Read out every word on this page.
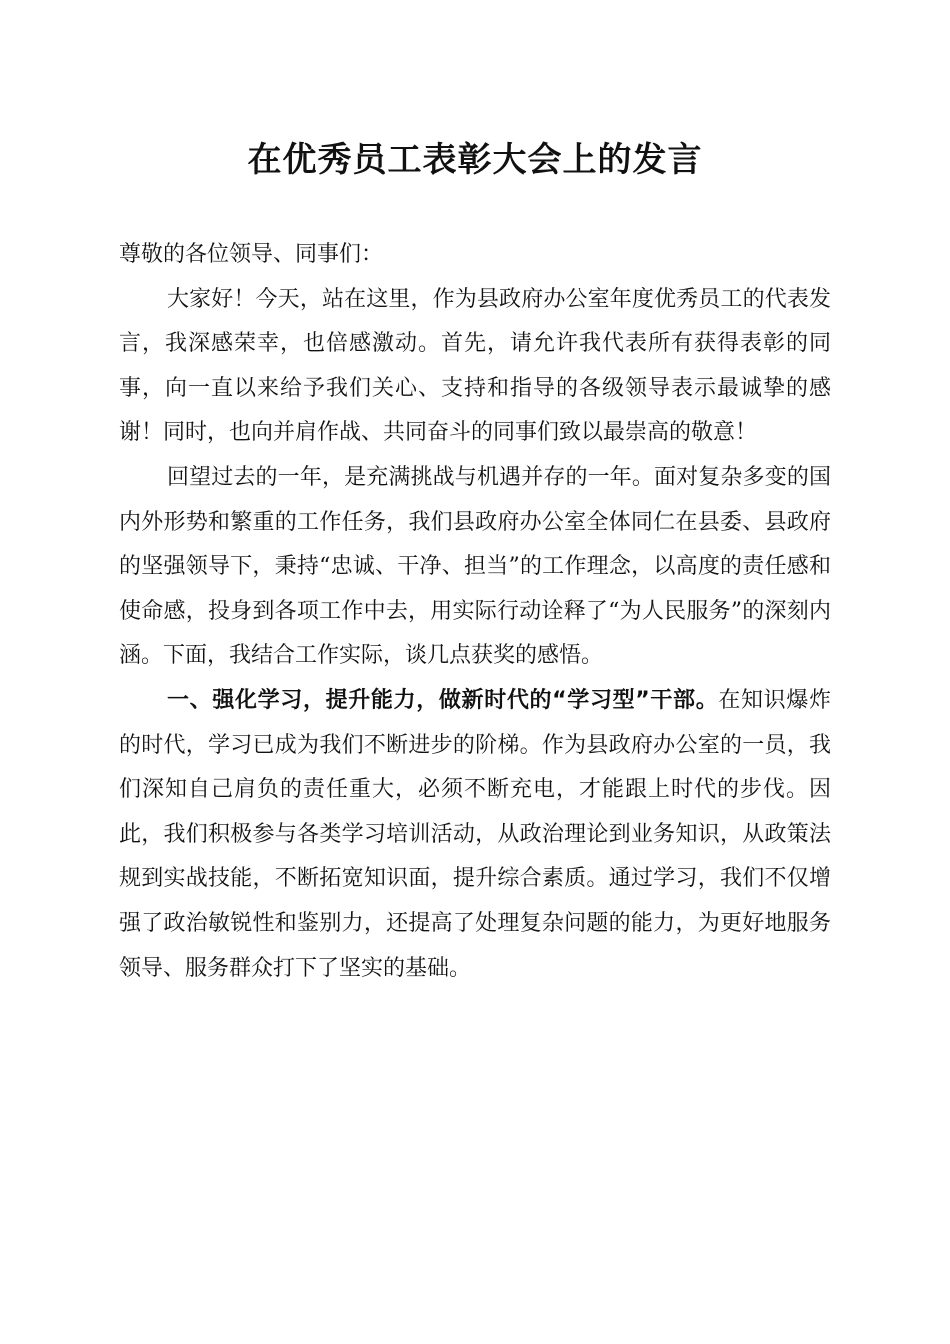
在优秀员工表彰大会上的发言

尊敬的各位领导、同事们：

大家好！今天，站在这里，作为县政府办公室年度优秀员工的代表发言，我深感荣幸，也倍感激动。首先，请允许我代表所有获得表彰的同事，向一直以来给予我们关心、支持和指导的各级领导表示最诚挚的感谢！同时，也向并肩作战、共同奋斗的同事们致以最崇高的敬意！

回望过去的一年，是充满挑战与机遇并存的一年。面对复杂多变的国内外形势和繁重的工作任务，我们县政府办公室全体同仁在县委、县政府的坚强领导下，秉持“忠诚、干净、担当”的工作理念，以高度的责任感和使命感，投身到各项工作中去，用实际行动诠释了“为人民服务”的深刻内涵。下面，我结合工作实际，谈几点获奖的感悟。

一、强化学习，提升能力，做新时代的“学习型”干部。在知识爆炸的时代，学习已成为我们不断进步的阶梯。作为县政府办公室的一员，我们深知自己肩负的责任重大，必须不断充电，才能跟上时代的步伐。因此，我们积极参与各类学习培训活动，从政治理论到业务知识，从政策法规到实战技能，不断拓宽知识面，提升综合素质。通过学习，我们不仅增强了政治敏锐性和鉴别力，还提高了处理复杂问题的能力，为更好地服务领导、服务群众打下了坚实的基础。
